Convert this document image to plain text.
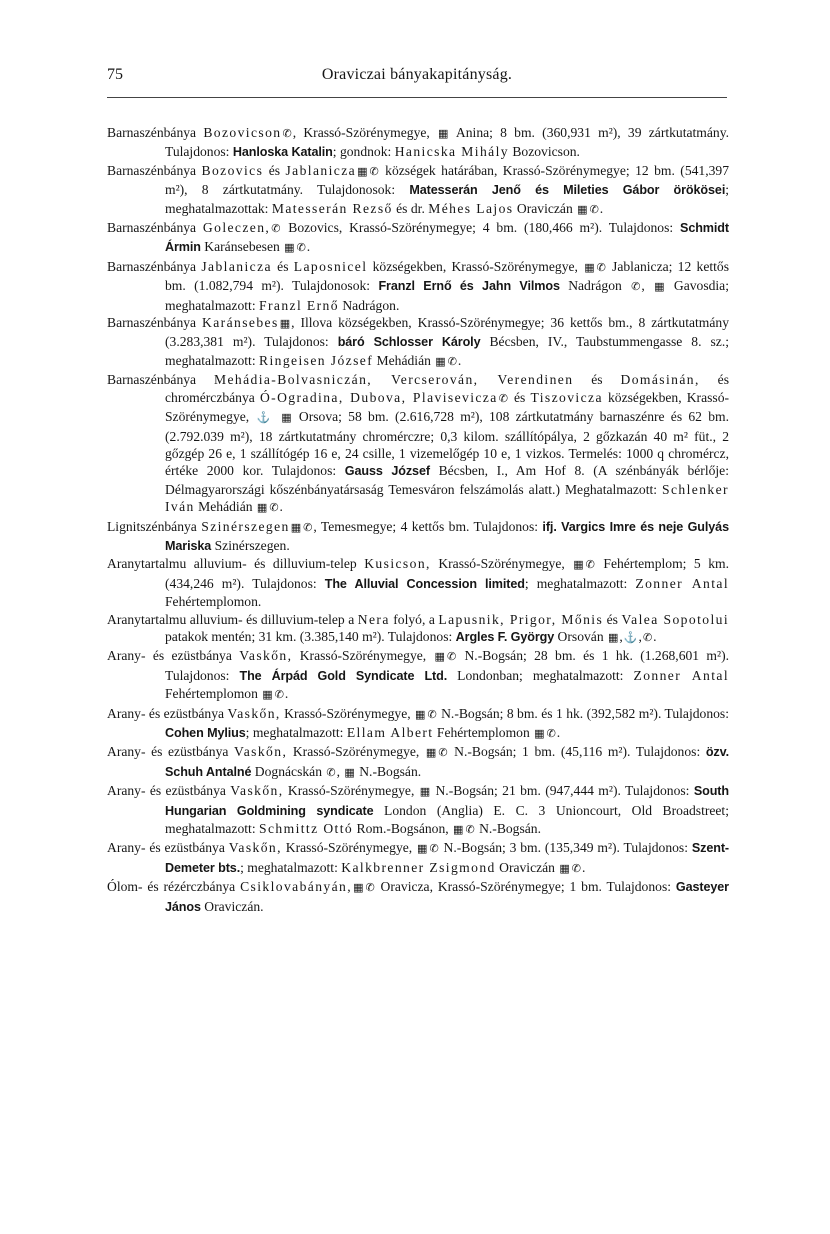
75	Oraviczai bányakapitányság.

Barnaszénbánya Bozovicson✆, Krassó-Szörénymegye, ▦ Anina; 8 bm. (360,931 m²), 39 zártkutatmány. Tulajdonos: Hanloska Katalin; gondnok: Hanicska Mihály Bozovicson.

Barnaszénbánya Bozovics és Jablanicza▦ ✆ községek határában, Krassó-Szörénymegye; 12 bm. (541,397 m²), 8 zártkutatmány. Tulajdonosok: Matesserán Jenő és Mileties Gábor örökösei; meghatalmazottak: Matesserán Rezső és dr. Méhes Lajos Oraviczán ▦ ✆.

Barnaszénbánya Goleczen,✆ Bozovics, Krassó-Szörénymegye; 4 bm. (180,466 m²). Tulajdonos: Schmidt Ármin Karánsebesen ▦ ✆.

Barnaszénbánya Jablanicza és Laposnicel községekben, Krassó-Szörénymegye, ▦ ✆ Jablanicza; 12 kettős bm. (1.082,794 m²). Tulajdonosok: Franzl Ernő és Jahn Vilmos Nadrágon ✆, ▦ Gavosdia; meghatalmazott: Franzl Ernő Nadrágon.

Barnaszénbánya Karánsebes▦, Illova községekben, Krassó-Szörénymegye; 36 kettős bm., 8 zártkutatmány (3.283,381 m²). Tulajdonos: báró Schlosser Károly Bécsben, IV., Taubstummengasse 8. sz.; meghatalmazott: Ringeisen József Mehádián ▦ ✆.

Barnaszénbánya Mehádia-Bolvasniczán, Vercserován, Verendinen és Domásinán, és chromérczbánya Ó-Ogradina, Dubova, Plavisevicza✆ és Tiszovicza községekben, Krassó-Szörénymegye, ⚓ ▦ Orsova; 58 bm. (2.616,728 m²), 108 zártkutatmány barnaszénre és 62 bm. (2.792.039 m²), 18 zártkutatmány chromérczre; 0,3 kilom. szállítópálya, 2 gőzkazán 40 m² füt., 2 gőzgép 26 e, 1 szállítógép 16 e, 24 csille, 1 vizemelőgép 10 e, 1 vizkos. Termelés: 1000 q chromércz, értéke 2000 kor. Tulajdonos: Gauss József Bécsben, I., Am Hof 8. (A szénbányák bérlője: Délmagyarországi kőszénbányatársaság Temesváron felszámolás alatt.) Meghatalmazott: Schlenker Iván Mehádián ▦ ✆.

Lignitszénbánya Szinérszegen▦ ✆, Temesmegye; 4 kettős bm. Tulajdonos: ifj. Vargics Imre és neje Gulyás Mariska Szinérszegen.

Aranytartalmu alluvium- és dilluvium-telep Kusicson, Krassó-Szörénymegye, ▦ ✆ Fehértemplom; 5 km. (434,246 m²). Tulajdonos: The Alluvial Concession limited; meghatalmazott: Zonner Antal Fehértemplomon.

Aranytartalmu alluvium- és dilluvium-telep a Nera folyó, a Lapusnik, Prigor, Mőnis és Valea Sopotolui patakok mentén; 31 km. (3.385,140 m²). Tulajdonos: Argles F. György Orsován ▦,⚓,✆.

Arany- és ezüstbánya Vaskőn, Krassó-Szörénymegye, ▦ ✆ N.-Bogsán; 28 bm. és 1 hk. (1.268,601 m²). Tulajdonos: The Árpád Gold Syndicate Ltd. Londonban; meghatalmazott: Zonner Antal Fehértemplomon ▦ ✆.

Arany- és ezüstbánya Vaskőn, Krassó-Szörénymegye, ▦ ✆ N.-Bogsán; 8 bm. és 1 hk. (392,582 m²). Tulajdonos: Cohen Mylius; meghatalmazott: Ellam Albert Fehértemplomon ▦ ✆.

Arany- és ezüstbánya Vaskőn, Krassó-Szörénymegye, ▦ ✆ N.-Bogsán; 1 bm. (45,116 m²). Tulajdonos: özv. Schuh Antalné Dognácskán ✆, ▦ N.-Bogsán.

Arany- és ezüstbánya Vaskőn, Krassó-Szörénymegye, ▦ N.-Bogsán; 21 bm. (947,444 m²). Tulajdonos: South Hungarian Goldmining syndicate London (Anglia) E. C. 3 Unioncourt, Old Broadstreet; meghatalmazott: Schmittz Ottó Rom.-Bogsánon, ▦ ✆ N.-Bogsán.

Arany- és ezüstbánya Vaskőn, Krassó-Szörénymegye, ▦ ✆ N.-Bogsán; 3 bm. (135,349 m²). Tulajdonos: Szent-Demeter bts.; meghatalmazott: Kalkbrenner Zsigmond Oraviczán ▦ ✆.

Ólom- és rézérczbánya Csiklovabányán,▦ ✆ Oravicza, Krassó-Szörénymegye; 1 bm. Tulajdonos: Gasteyer János Oraviczán.
